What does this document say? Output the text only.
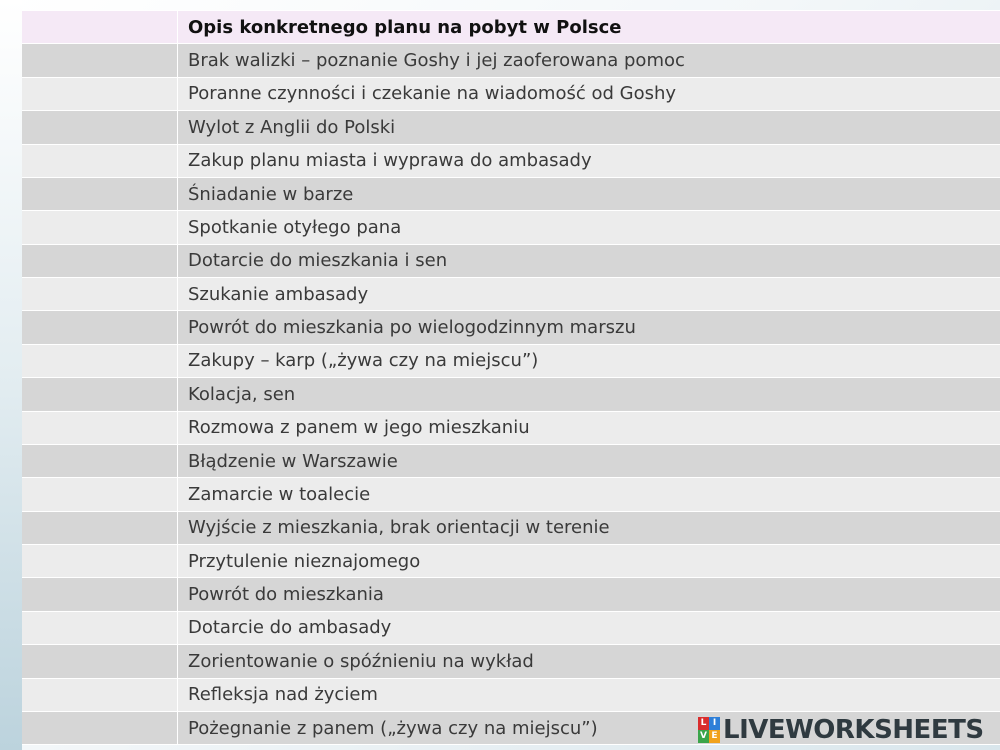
Opis konkretnego planu na pobyt w Polsce
Brak walizki – poznanie Goshy i jej zaoferowana pomoc
Poranne czynności i czekanie na wiadomość od Goshy
Wylot z Anglii do Polski
Zakup planu miasta i wyprawa do ambasady
Śniadanie w barze
Spotkanie otyłego pana
Dotarcie do mieszkania i sen
Szukanie ambasady
Powrót do mieszkania po wielogodzinnym marszu
Zakupy – karp („żywa czy na miejscu”)
Kolacja, sen
Rozmowa z panem w jego mieszkaniu
Błądzenie w Warszawie
Zamarcie w toalecie
Wyjście z mieszkania, brak orientacji w terenie
Przytulenie nieznajomego
Powrót do mieszkania
Dotarcie do ambasady
Zorientowanie o spóźnieniu na wykład
Refleksja nad życiem
Pożegnanie z panem („żywa czy na miejscu”)	L I
V E LIVEWORKSHEETS
